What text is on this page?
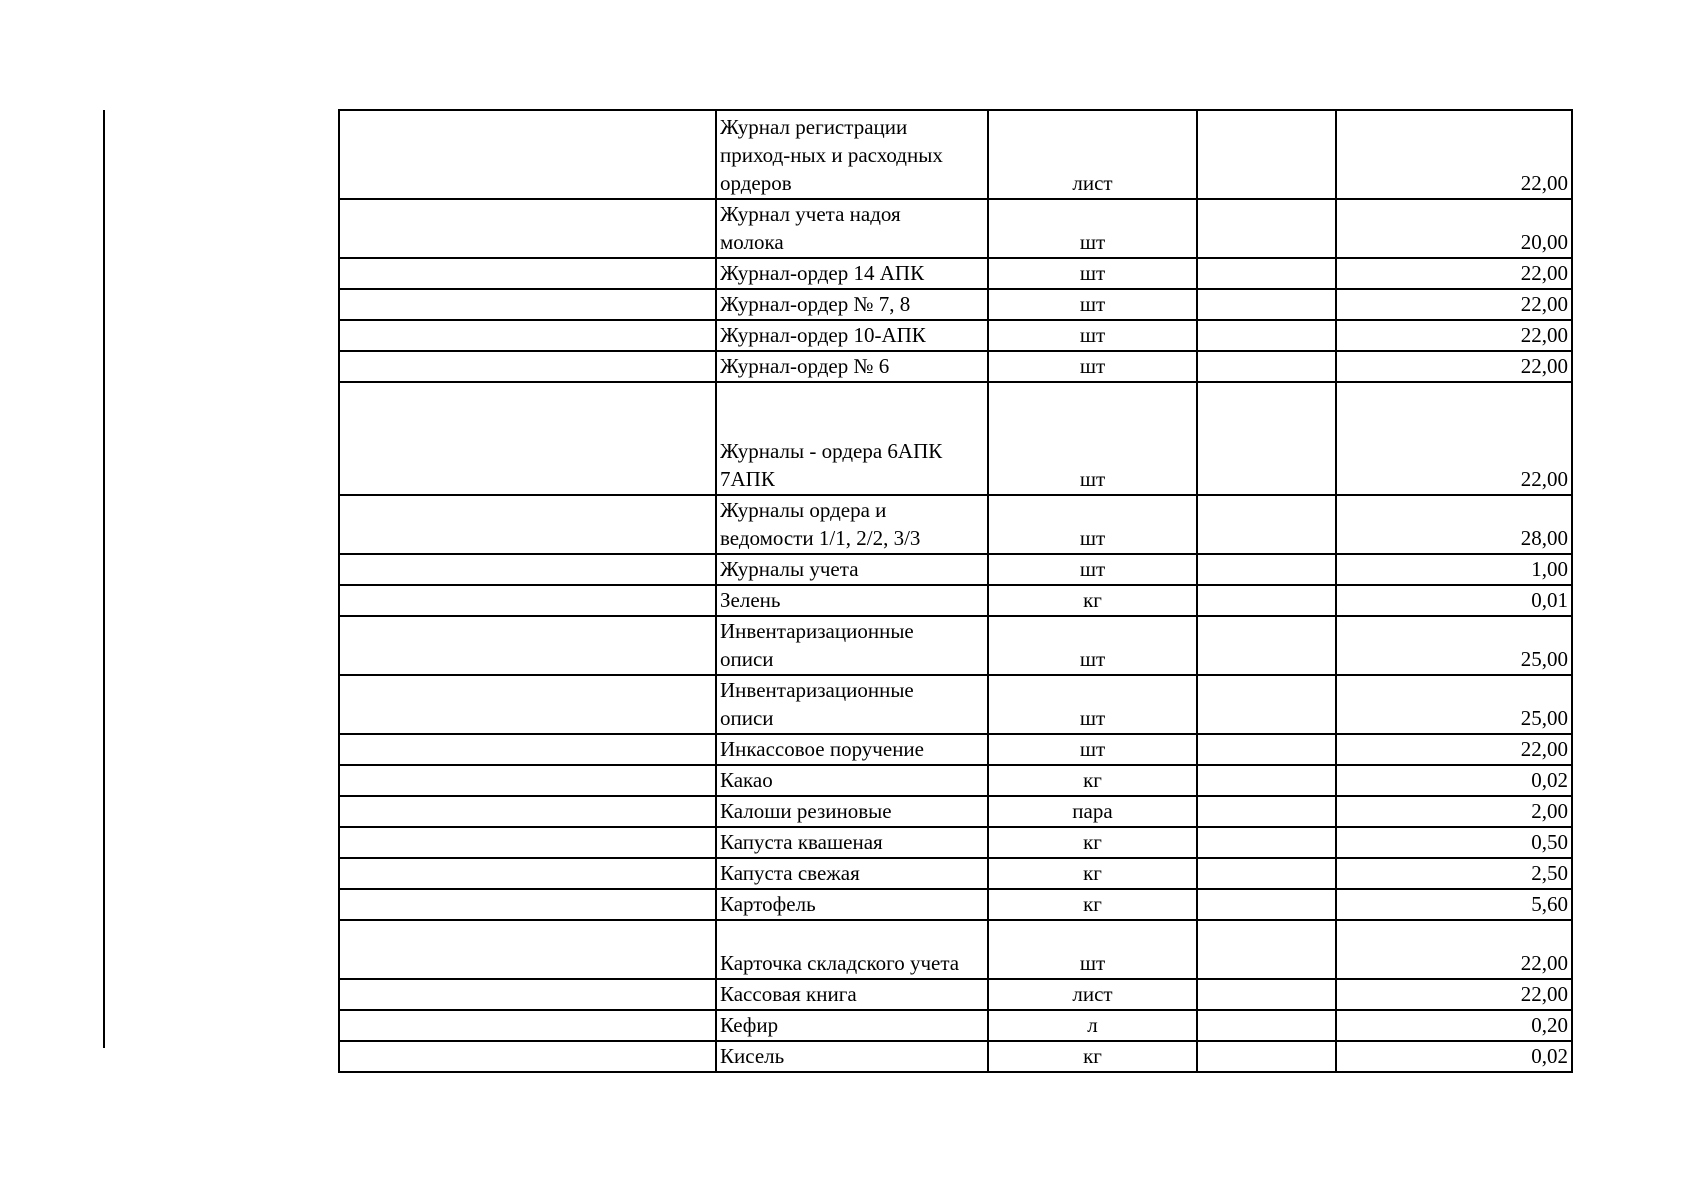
	Журнал регистрации
приход-ных и расходных
ордеров	лист		22,00
	Журнал учета надоя
молока	шт		20,00
	Журнал-ордер 14 АПК	шт		22,00
	Журнал-ордер № 7, 8	шт		22,00
	Журнал-ордер 10-АПК	шт		22,00
	Журнал-ордер № 6	шт		22,00
	Журналы - ордера 6АПК
7АПК	шт		22,00
	Журналы ордера и
ведомости 1/1, 2/2, 3/3	шт		28,00
	Журналы учета	шт		1,00
	Зелень	кг		0,01
	Инвентаризационные
описи	шт		25,00
	Инвентаризационные
описи	шт		25,00
	Инкассовое поручение	шт		22,00
	Какао	кг		0,02
	Калоши резиновые	пара		2,00
	Капуста квашеная	кг		0,50
	Капуста свежая	кг		2,50
	Картофель	кг		5,60
	Карточка складского учета	шт		22,00
	Кассовая книга	лист		22,00
	Кефир	л		0,20
	Кисель	кг		0,02
